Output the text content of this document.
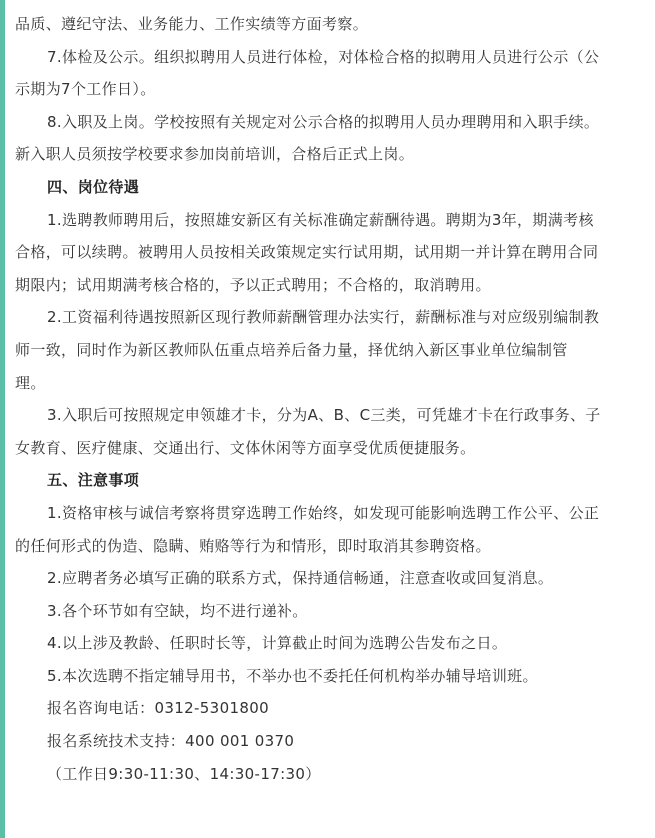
品质、遵纪守法、业务能力、工作实绩等方面考察。

7.体检及公示。组织拟聘用人员进行体检，对体检合格的拟聘用人员进行公示（公

示期为7个工作日）。

8.入职及上岗。学校按照有关规定对公示合格的拟聘用人员办理聘用和入职手续。

新入职人员须按学校要求参加岗前培训，合格后正式上岗。

四、岗位待遇

1.选聘教师聘用后，按照雄安新区有关标准确定薪酬待遇。聘期为3年，期满考核

合格，可以续聘。被聘用人员按相关政策规定实行试用期，试用期一并计算在聘用合同
期限内；试用期满考核合格的，予以正式聘用；不合格的，取消聘用。

2.工资福利待遇按照新区现行教师薪酬管理办法实行，薪酬标准与对应级别编制教

师一致，同时作为新区教师队伍重点培养后备力量，择优纳入新区事业单位编制管
理。

3.入职后可按照规定申领雄才卡，分为A、B、C三类，可凭雄才卡在行政事务、子

女教育、医疗健康、交通出行、文体休闲等方面享受优质便捷服务。

五、注意事项

1.资格审核与诚信考察将贯穿选聘工作始终，如发现可能影响选聘工作公平、公正

的任何形式的伪造、隐瞒、贿赂等行为和情形，即时取消其参聘资格。

2.应聘者务必填写正确的联系方式，保持通信畅通，注意查收或回复消息。

3.各个环节如有空缺，均不进行递补。

4.以上涉及教龄、任职时长等，计算截止时间为选聘公告发布之日。

5.本次选聘不指定辅导用书，不举办也不委托任何机构举办辅导培训班。

报名咨询电话：0312-5301800

报名系统技术支持：400 001 0370

（工作日9:30-11:30、14:30-17:30）
